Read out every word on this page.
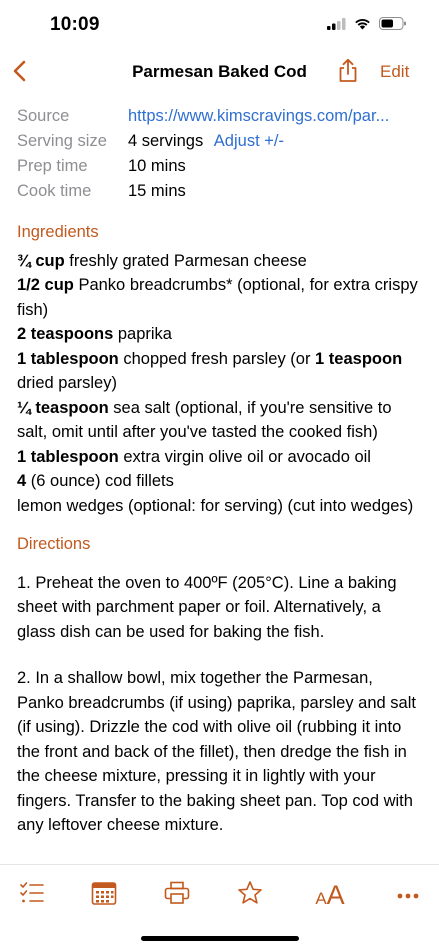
10:09
Parmesan Baked Cod	Edit
Source	https://www.kimscravings.com/par...
Serving size	4 servings Adjust +/-
Prep time	10 mins
Cook time	15 mins
Ingredients

¾ cup freshly grated Parmesan cheese

1/2 cup Panko breadcrumbs* (optional, for extra crispy fish)

2 teaspoons paprika

1 tablespoon chopped fresh parsley (or 1 teaspoon dried parsley)

¼ teaspoon sea salt (optional, if you're sensitive to salt, omit until after you've tasted the cooked fish)

1 tablespoon extra virgin olive oil or avocado oil

4 (6 ounce) cod fillets

lemon wedges (optional: for serving) (cut into wedges)

Directions

1. Preheat the oven to 400ºF (205°C). Line a baking sheet with parchment paper or foil. Alternatively, a glass dish can be used for baking the fish.

2. In a shallow bowl, mix together the Parmesan, Panko breadcrumbs (if using) paprika, parsley and salt (if using). Drizzle the cod with olive oil (rubbing it into the front and back of the fillet), then dredge the fish in the cheese mixture, pressing it in lightly with your fingers. Transfer to the baking sheet pan. Top cod with any leftover cheese mixture.

AA
